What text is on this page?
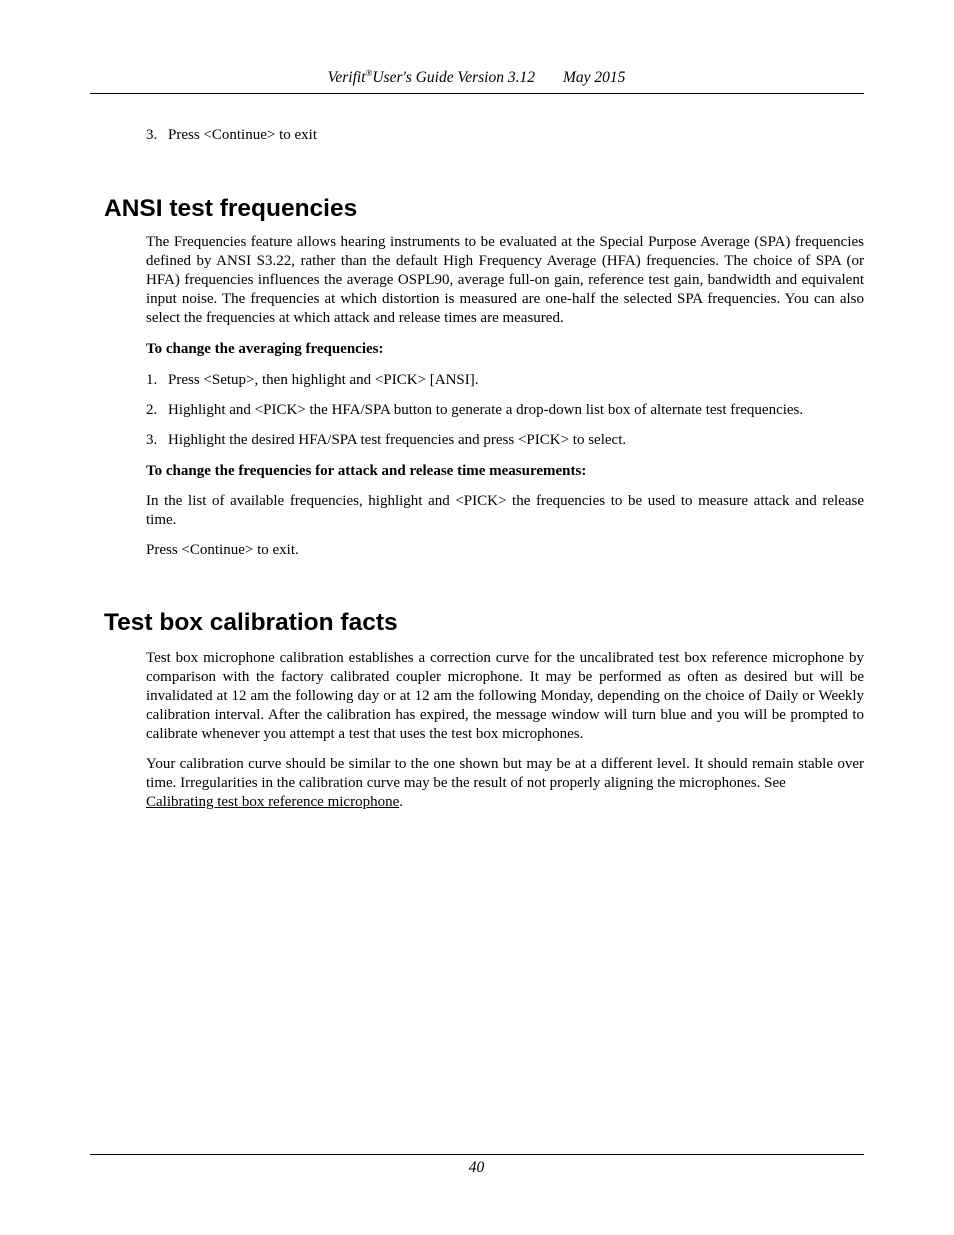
Verifit®User's Guide Version 3.12 May 2015
3. Press <Continue> to exit
ANSI test frequencies
The Frequencies feature allows hearing instruments to be evaluated at the Special Purpose Average (SPA) frequencies defined by ANSI S3.22, rather than the default High Frequency Average (HFA) frequencies. The choice of SPA (or HFA) frequencies influences the average OSPL90, average full-on gain, reference test gain, bandwidth and equivalent input noise. The frequencies at which distortion is measured are one-half the selected SPA frequencies. You can also select the frequencies at which attack and release times are measured.
To change the averaging frequencies:
1. Press <Setup>, then highlight and <PICK> [ANSI].
2. Highlight and <PICK> the HFA/SPA button to generate a drop-down list box of alternate test frequencies.
3. Highlight the desired HFA/SPA test frequencies and press <PICK> to select.
To change the frequencies for attack and release time measurements:
In the list of available frequencies, highlight and <PICK> the frequencies to be used to measure attack and release time.
Press <Continue> to exit.
Test box calibration facts
Test box microphone calibration establishes a correction curve for the uncalibrated test box reference microphone by comparison with the factory calibrated coupler microphone. It may be performed as often as desired but will be invalidated at 12 am the following day or at 12 am the following Monday, depending on the choice of Daily or Weekly calibration interval. After the calibration has expired, the message window will turn blue and you will be prompted to calibrate whenever you attempt a test that uses the test box microphones.
Your calibration curve should be similar to the one shown but may be at a different level. It should remain stable over time. Irregularities in the calibration curve may be the result of not properly aligning the microphones. See
Calibrating test box reference microphone.
40
